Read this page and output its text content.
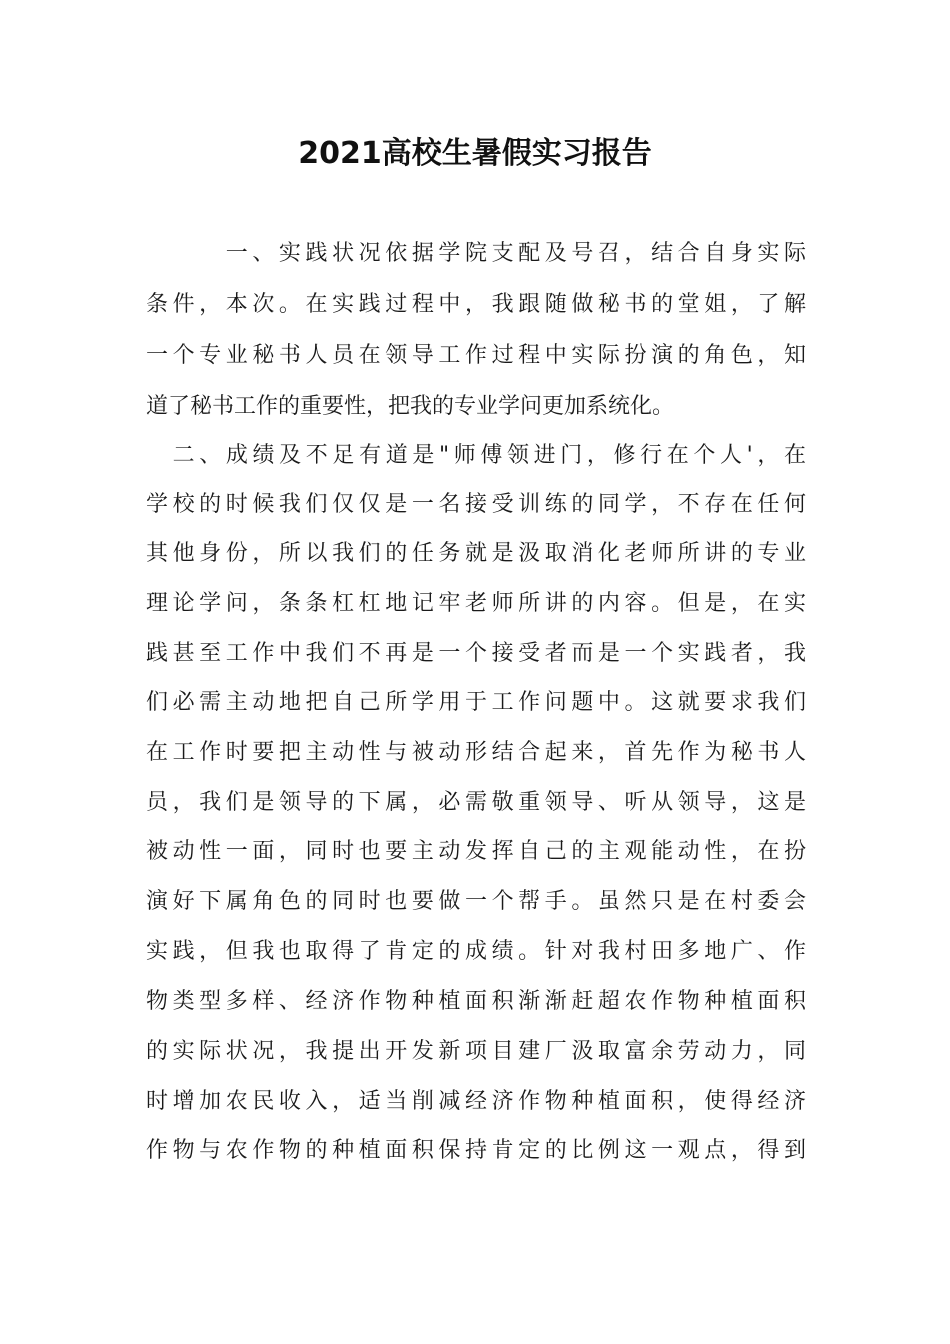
2021高校生暑假实习报告
　　　一、实践状况依据学院支配及号召，结合自身实际
条件，本次。在实践过程中，我跟随做秘书的堂姐，了解
一个专业秘书人员在领导工作过程中实际扮演的角色，知
道了秘书工作的重要性，把我的专业学问更加系统化。
　二、成绩及不足有道是"师傅领进门，修行在个人'，在
学校的时候我们仅仅是一名接受训练的同学，不存在任何
其他身份，所以我们的任务就是汲取消化老师所讲的专业
理论学问，条条杠杠地记牢老师所讲的内容。但是，在实
践甚至工作中我们不再是一个接受者而是一个实践者，我
们必需主动地把自己所学用于工作问题中。这就要求我们
在工作时要把主动性与被动形结合起来，首先作为秘书人
员，我们是领导的下属，必需敬重领导、听从领导，这是
被动性一面，同时也要主动发挥自己的主观能动性，在扮
演好下属角色的同时也要做一个帮手。虽然只是在村委会
实践，但我也取得了肯定的成绩。针对我村田多地广、作
物类型多样、经济作物种植面积渐渐赶超农作物种植面积
的实际状况，我提出开发新项目建厂汲取富余劳动力，同
时增加农民收入，适当削减经济作物种植面积，使得经济
作物与农作物的种植面积保持肯定的比例这一观点，得到
